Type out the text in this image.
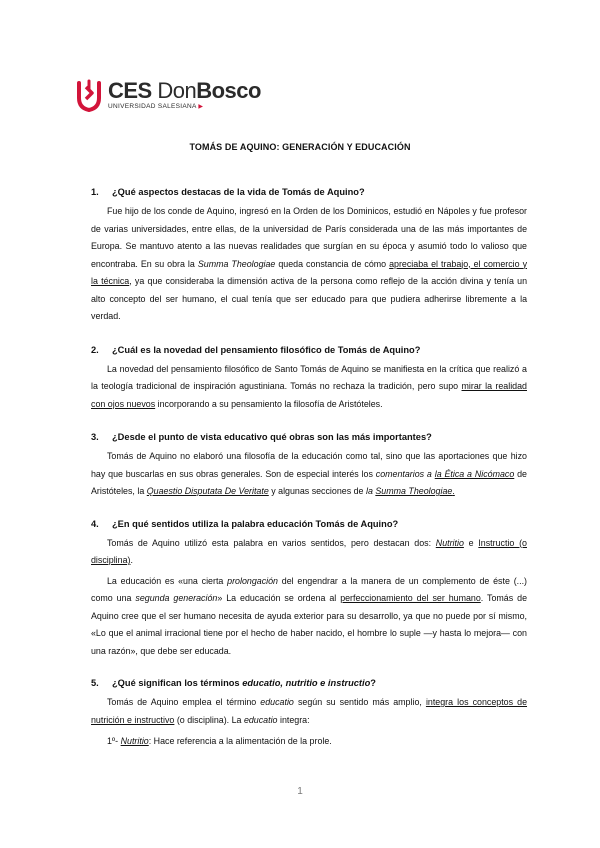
CES DonBosco
UNIVERSIDAD SALESIANA ▶
TOMÁS DE AQUINO: GENERACIÓN Y EDUCACIÓN
1.	¿Qué aspectos destacas de la vida de Tomás de Aquino?

Fue hijo de los conde de Aquino, ingresó en la Orden de los Dominicos, estudió en Nápoles y fue profesor de varias universidades, entre ellas, de la universidad de París considerada una de las más importantes de Europa. Se mantuvo atento a las nuevas realidades que surgían en su época y asumió todo lo valioso que encontraba. En su obra la Summa Theologiae queda constancia de cómo apreciaba el trabajo, el comercio y la técnica, ya que consideraba la dimensión activa de la persona como reflejo de la acción divina y tenía un alto concepto del ser humano, el cual tenía que ser educado para que pudiera adherirse libremente a la verdad.

2.	¿Cuál es la novedad del pensamiento filosófico de Tomás de Aquino?

La novedad del pensamiento filosófico de Santo Tomás de Aquino se manifiesta en la crítica que realizó a la teología tradicional de inspiración agustiniana. Tomás no rechaza la tradición, pero supo mirar la realidad con ojos nuevos incorporando a su pensamiento la filosofía de Aristóteles.

3.	¿Desde el punto de vista educativo qué obras son las más importantes?

Tomás de Aquino no elaboró una filosofía de la educación como tal, sino que las aportaciones que hizo hay que buscarlas en sus obras generales. Son de especial interés los comentarios a la Ética a Nicómaco de Aristóteles, la Quaestio Disputata De Veritate y algunas secciones de la Summa Theologiae.

4.	¿En qué sentidos utiliza la palabra educación Tomás de Aquino?

Tomás de Aquino utilizó esta palabra en varios sentidos, pero destacan dos: Nutritio e Instructio (o disciplina).

La educación es «una cierta prolongación del engendrar a la manera de un complemento de éste (...) como una segunda generación» La educación se ordena al perfeccionamiento del ser humano. Tomás de Aquino cree que el ser humano necesita de ayuda exterior para su desarrollo, ya que no puede por sí mismo, «Lo que el animal irracional tiene por el hecho de haber nacido, el hombre lo suple —y hasta lo mejora— con una razón», que debe ser educada.

5.	¿Qué significan los términos educatio, nutritio e instructio?

Tomás de Aquino emplea el término educatio según su sentido más amplio, integra los conceptos de nutrición e instructivo (o disciplina). La educatio integra:

1º- Nutritio: Hace referencia a la alimentación de la prole.

1
